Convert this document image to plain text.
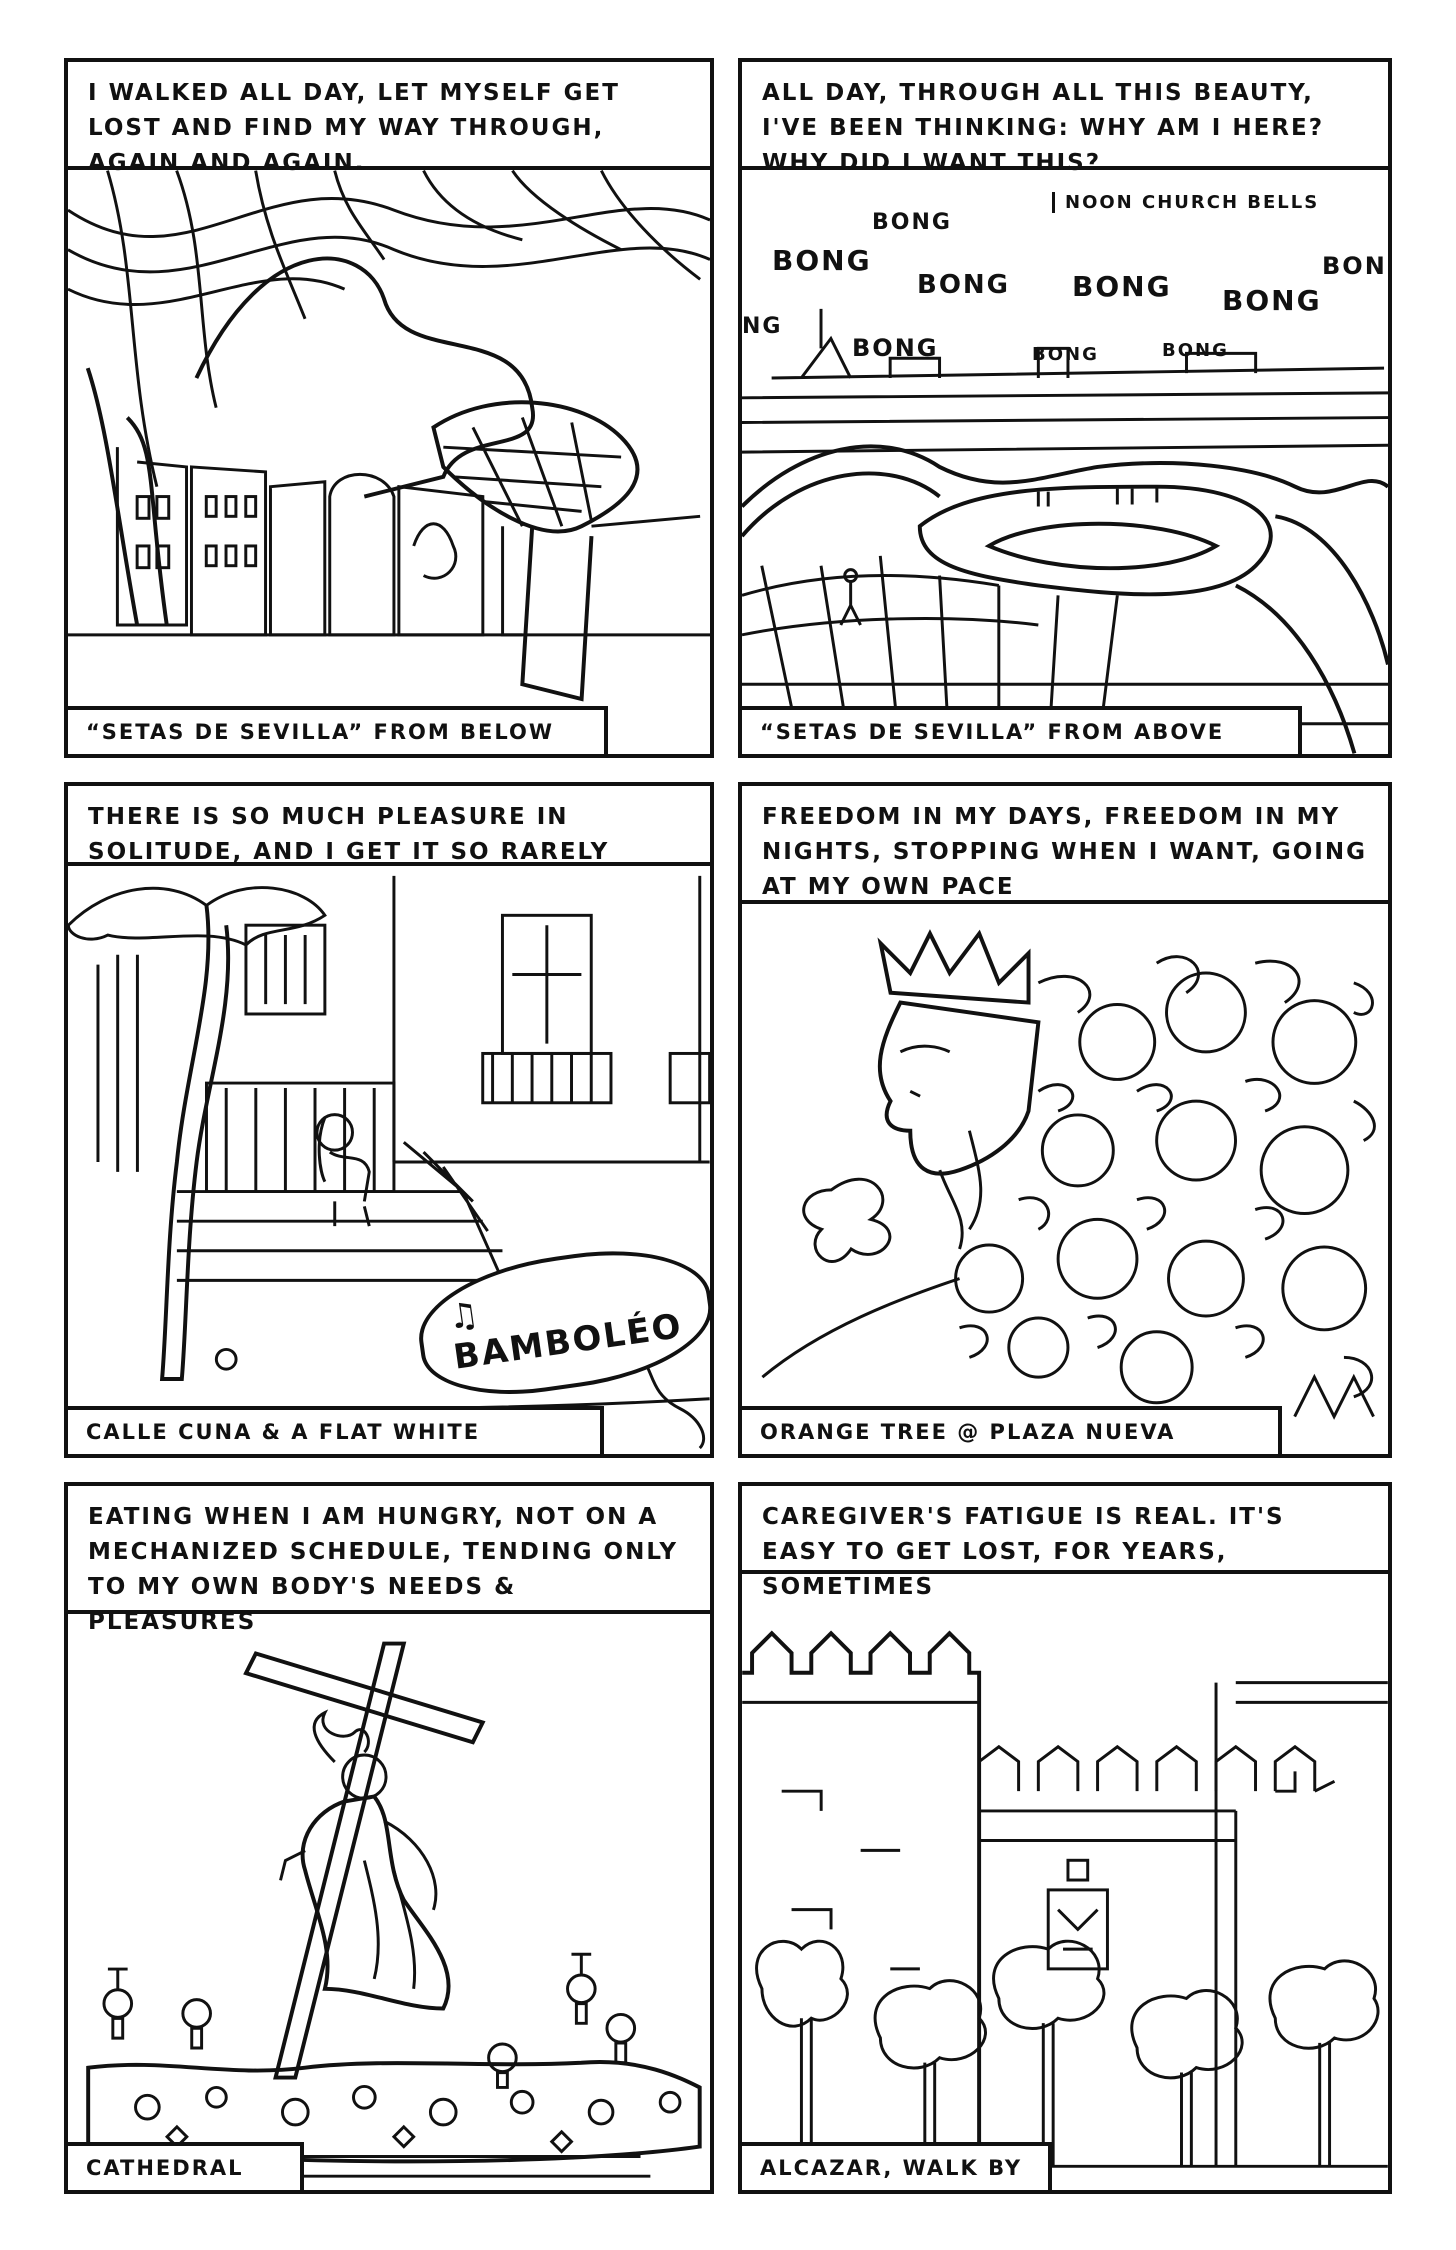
I WALKED ALL DAY, LET MYSELF GET LOST AND FIND MY WAY THROUGH, AGAIN AND AGAIN.
“SETAS DE SEVILLA” FROM BELOW
ALL DAY, THROUGH ALL THIS BEAUTY, I'VE BEEN THINKING: WHY AM I HERE? WHY DID I WANT THIS?
NOON CHURCH BELLS
BONG
BONG
BONG BONG BONG
BON
NG
BONG	BONG	BONG
“SETAS DE SEVILLA” FROM ABOVE
THERE IS SO MUCH PLEASURE IN SOLITUDE, AND I GET IT SO RARELY
♫ BAMBOLÉO
CALLE CUNA & A FLAT WHITE
FREEDOM IN MY DAYS, FREEDOM IN MY NIGHTS, STOPPING WHEN I WANT, GOING AT MY OWN PACE
ORANGE TREE @ PLAZA NUEVA
EATING WHEN I AM HUNGRY, NOT ON A MECHANIZED SCHEDULE, TENDING ONLY TO MY OWN BODY'S NEEDS & PLEASURES
CATHEDRAL
CAREGIVER'S FATIGUE IS REAL. IT'S EASY TO GET LOST, FOR YEARS, SOMETIMES
ALCAZAR, WALK BY
